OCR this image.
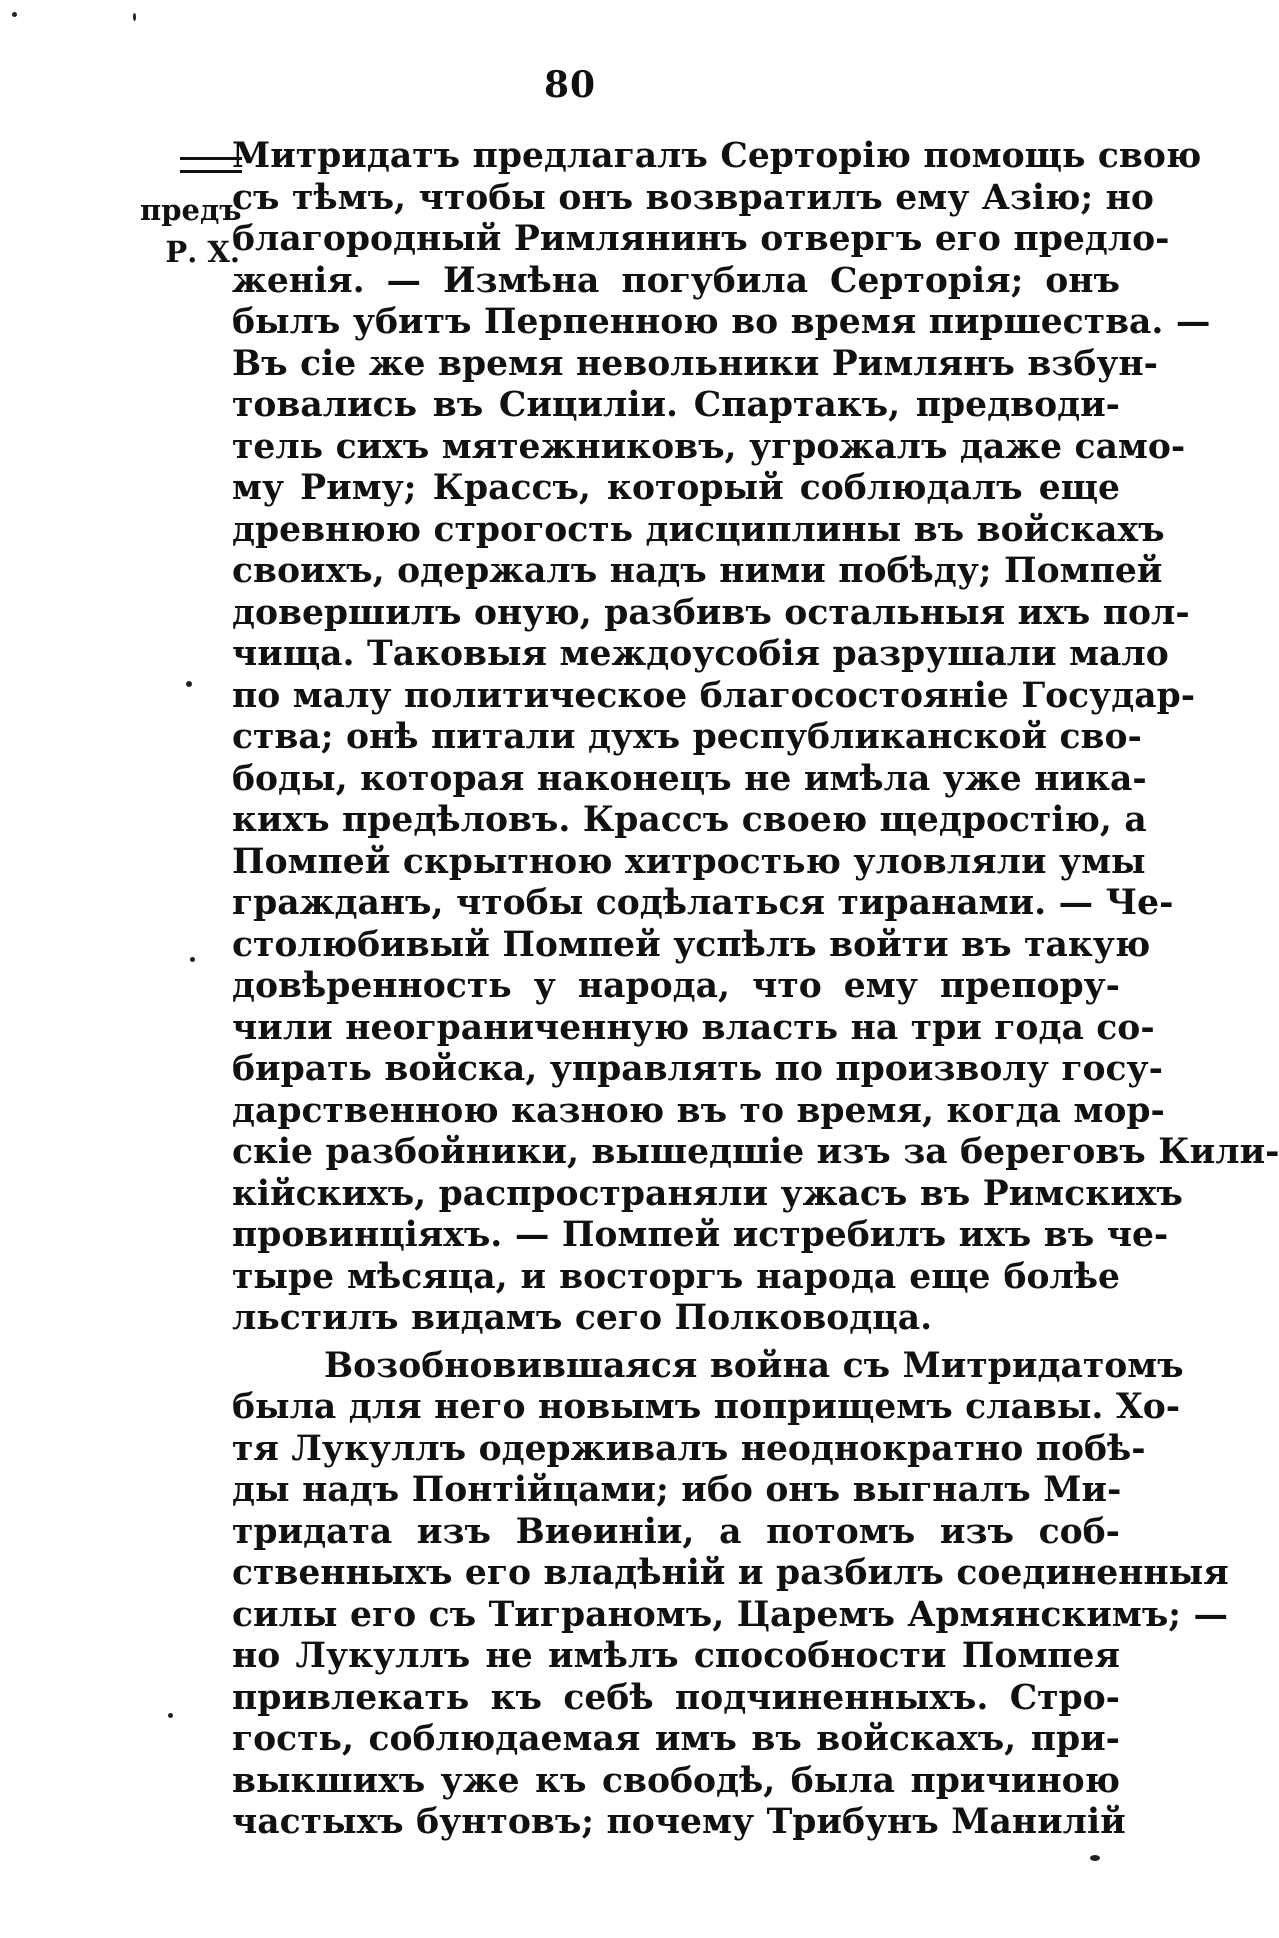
80
предъ
Р. Х.
Митридатъ предлагалъ Серторію помощь свою
съ тѣмъ, чтобы онъ возвратилъ ему Азію; но
благородный Римлянинъ отвергъ его предло-
женія. — Измѣна погубила Серторія; онъ
былъ убитъ Перпенною во время пиршества. —
Въ сіе же время невольники Римлянъ взбун-
товались въ Сициліи. Спартакъ, предводи-
тель сихъ мятежниковъ, угрожалъ даже само-
му Риму; Крассъ, который соблюдалъ еще
древнюю строгость дисциплины въ войскахъ
своихъ, одержалъ надъ ними побѣду; Помпей
довершилъ оную, разбивъ остальныя ихъ пол-
чища. Таковыя междоусобія разрушали мало
по малу политическое благосостояніе Государ-
ства; онѣ питали духъ республиканской сво-
боды, которая наконецъ не имѣла уже ника-
кихъ предѣловъ. Крассъ своею щедростію, а
Помпей скрытною хитростью уловляли умы
гражданъ, чтобы содѣлаться тиранами. — Че-
столюбивый Помпей успѣлъ войти въ такую
довѣренность у народа, что ему препору-
чили неограниченную власть на три года со-
бирать войска, управлять по произволу госу-
дарственною казною въ то время, когда мор-
скіе разбойники, вышедшіе изъ за береговъ Кили-
кійскихъ, распространяли ужасъ въ Римскихъ
провинціяхъ. — Помпей истребилъ ихъ въ че-
тыре мѣсяца, и восторгъ народа еще болѣе
льстилъ видамъ сего Полководца.
Возобновившаяся война съ Митридатомъ
была для него новымъ поприщемъ славы. Хо-
тя Лукуллъ одерживалъ неоднократно побѣ-
ды надъ Понтійцами; ибо онъ выгналъ Ми-
тридата изъ Виѳиніи, а потомъ изъ соб-
ственныхъ его владѣній и разбилъ соединенныя
силы его съ Тиграномъ, Царемъ Армянскимъ; —
но Лукуллъ не имѣлъ способности Помпея
привлекать къ себѣ подчиненныхъ. Стро-
гость, соблюдаемая имъ въ войскахъ, при-
выкшихъ уже къ свободѣ, была причиною
частыхъ бунтовъ; почему Трибунъ Манилій
